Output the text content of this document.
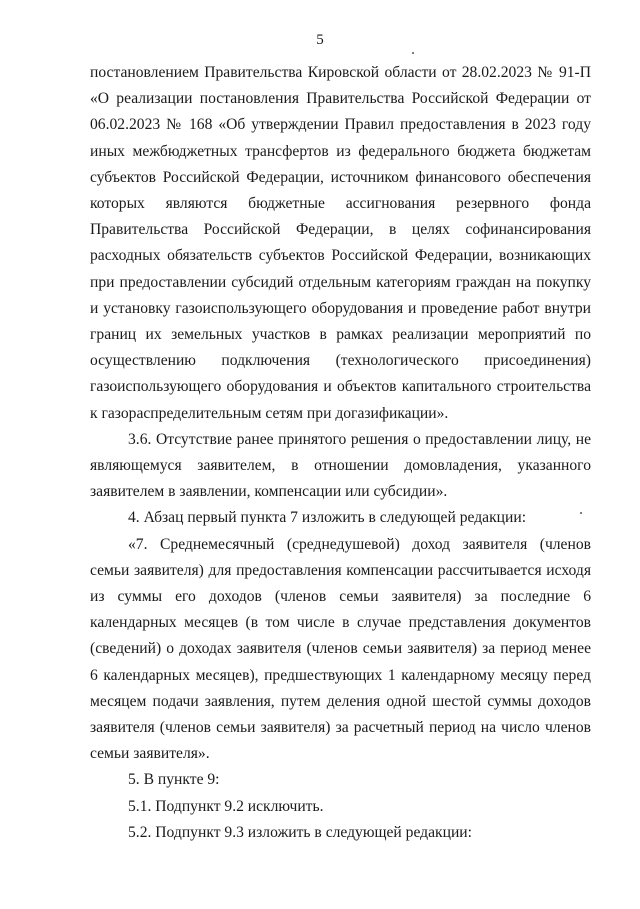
5

постановлением Правительства Кировской области от 28.02.2023 № 91-П «О реализации постановления Правительства Российской Федерации от 06.02.2023 № 168 «Об утверждении Правил предоставления в 2023 году иных межбюджетных трансфертов из федерального бюджета бюджетам субъектов Российской Федерации, источником финансового обеспечения которых являются бюджетные ассигнования резервного фонда Правительства Российской Федерации, в целях софинансирования расходных обязательств субъектов Российской Федерации, возникающих при предоставлении субсидий отдельным категориям граждан на покупку и установку газоиспользующего оборудования и проведение работ внутри границ их земельных участков в рамках реализации мероприятий по осуществлению подключения (технологического присоединения) газоиспользующего оборудования и объектов капитального строительства к газораспределительным сетям при догазификации».

3.6. Отсутствие ранее принятого решения о предоставлении лицу, не являющемуся заявителем, в отношении домовладения, указанного заявителем в заявлении, компенсации или субсидии».

4. Абзац первый пункта 7 изложить в следующей редакции:

«7. Среднемесячный (среднедушевой) доход заявителя (членов семьи заявителя) для предоставления компенсации рассчитывается исходя из суммы его доходов (членов семьи заявителя) за последние 6 календарных месяцев (в том числе в случае представления документов (сведений) о доходах заявителя (членов семьи заявителя) за период менее 6 календарных месяцев), предшествующих 1 календарному месяцу перед месяцем подачи заявления, путем деления одной шестой суммы доходов заявителя (членов семьи заявителя) за расчетный период на число членов семьи заявителя».

5. В пункте 9:

5.1. Подпункт 9.2 исключить.

5.2. Подпункт 9.3 изложить в следующей редакции:
